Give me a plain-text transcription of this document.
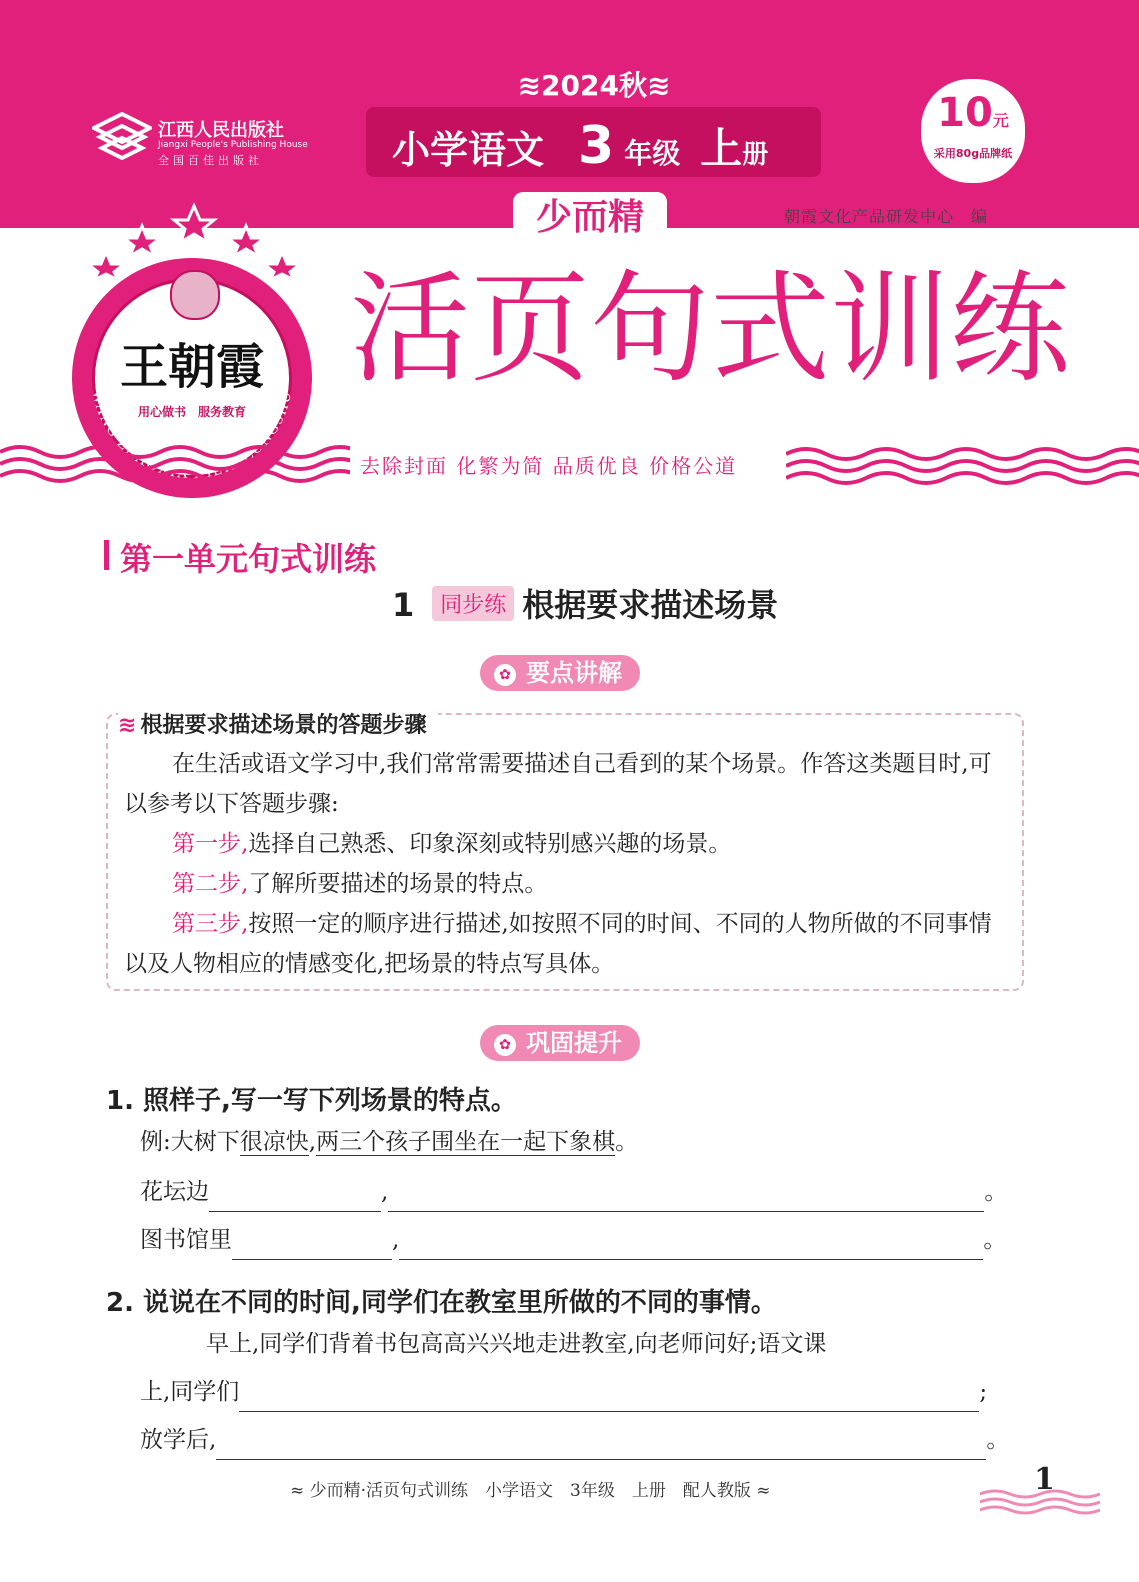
江西人民出版社
Jiangxi People's Publishing House
全国百佳出版社
≋2024秋≋
小学语文 3 年级 上册
10元
采用80g品牌纸
少而精	朝霞文化产品研发中心　编
王朝霞
用心做书　服务教育
WANG ZHAOXIA XILIE CONGSHU 活页句式训练
去除封面 化繁为简 品质优良 价格公道
第一单元句式训练
1 同步练 根据要求描述场景
✿ 要点讲解
≋ 根据要求描述场景的答题步骤
在生活或语文学习中,我们常常需要描述自己看到的某个场景。作答这类题目时,可以参考以下答题步骤:
第一步,选择自己熟悉、印象深刻或特别感兴趣的场景。
第二步,了解所要描述的场景的特点。
第三步,按照一定的顺序进行描述,如按照不同的时间、不同的人物所做的不同事情以及人物相应的情感变化,把场景的特点写具体。
✿ 巩固提升
1. 照样子,写一写下列场景的特点。
例:大树下很凉快,两三个孩子围坐在一起下象棋。
花坛边	,	。
图书馆里	,	。
2. 说说在不同的时间,同学们在教室里所做的不同的事情。
早上,同学们背着书包高高兴兴地走进教室,向老师问好;语文课
上,同学们	;
放学后,	。
≈ 少而精·活页句式训练　小学语文　3年级　上册　配人教版 ≈	1
